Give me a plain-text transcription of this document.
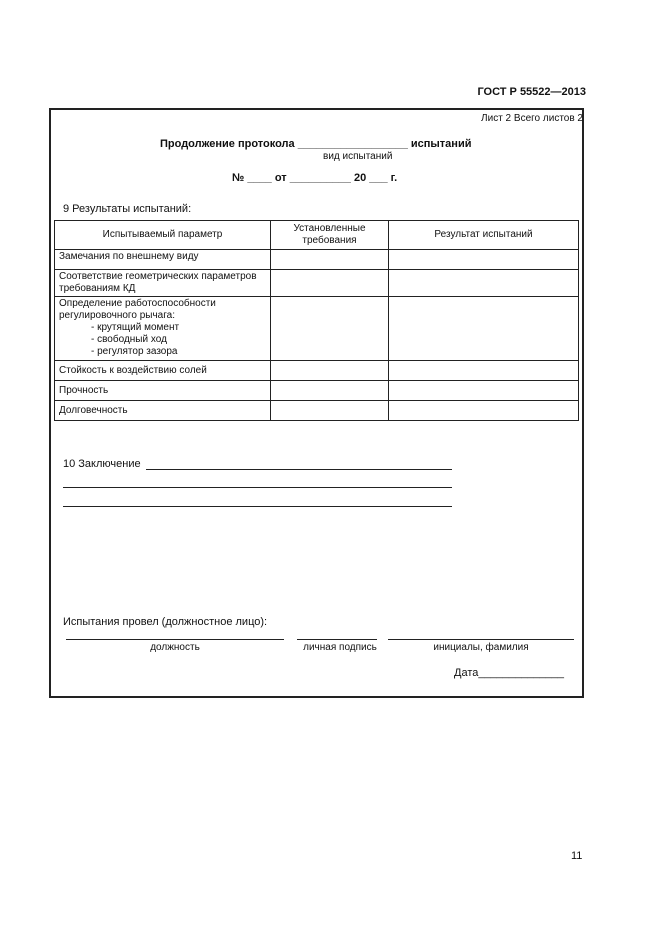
ГОСТ Р 55522—2013
Лист 2 Всего листов 2
Продолжение протокола __________________ испытаний
вид испытаний
№ ____ от __________ 20 ___ г.
9 Результаты испытаний:
Испытываемый параметр	Установленные требования	Результат испытаний
Замечания по внешнему виду		
Соответствие геометрических параметров требованиям КД		
Определение работоспособности регулировочного рычага:
- крутящий момент
- свободный ход
- регулятор зазора		

Стойкость к воздействию солей		
Прочность		
Долговечность		
10 Заключение
Испытания провел (должностное лицо):
должность	личная подпись	инициалы, фамилия
Дата______________
11
